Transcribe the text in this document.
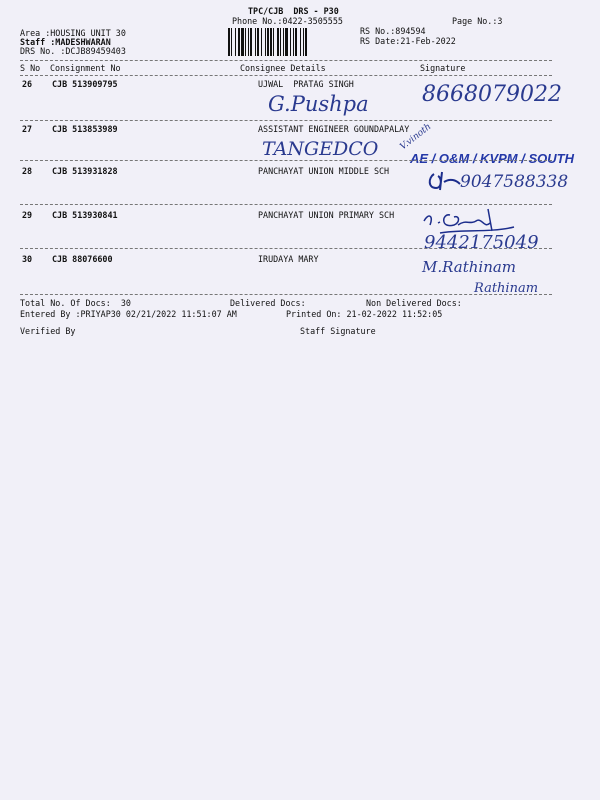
TPC/CJB  DRS - P30
Phone No.:0422-3505555
RS No.:894594
Page No.:3
RS Date:21-Feb-2022
Area :HOUSING UNIT 30
Staff :MADESHWARAN
DRS No. :DCJB89459403
S No Consignment No	Consignee Details	Signature
26 CJB 513909795	UJWAL  PRATAG SINGH
G.Pushpa 8668079022
27 CJB 513853989	ASSISTANT ENGINEER GOUNDAPALAY
TANGEDCO V.vinoth
AE / O&M / KVPM / SOUTH
28 CJB 513931828	PANCHAYAT UNION MIDDLE SCH
9047588338
29 CJB 513930841	PANCHAYAT UNION PRIMARY SCH
9442175049
30 CJB 88076600	IRUDAYA MARY	M.Rathinam
Rathinam
Total No. Of Docs:  30	Delivered Docs:	Non Delivered Docs:
Entered By :PRIYAP30 02/21/2022 11:51:07 AM	Printed On: 21-02-2022 11:52:05
Verified By	Staff Signature
